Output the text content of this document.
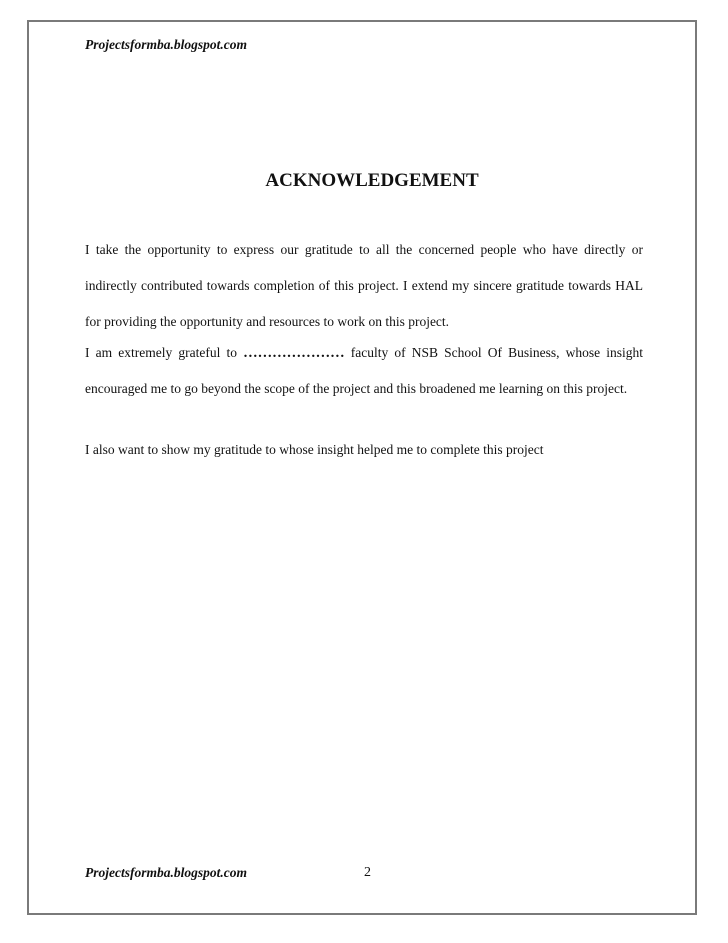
Projectsformba.blogspot.com
ACKNOWLEDGEMENT

I take the opportunity to express our gratitude to all the concerned people who have directly or indirectly contributed towards completion of this project. I extend my sincere gratitude towards HAL for providing the opportunity and resources to work on this project.

I am extremely grateful to ………………… faculty of NSB School Of Business, whose insight encouraged me to go beyond the scope of the project and this broadened me learning on this project.

I also want to show my gratitude to whose insight helped me to complete this project

Projectsformba.blogspot.com	2
